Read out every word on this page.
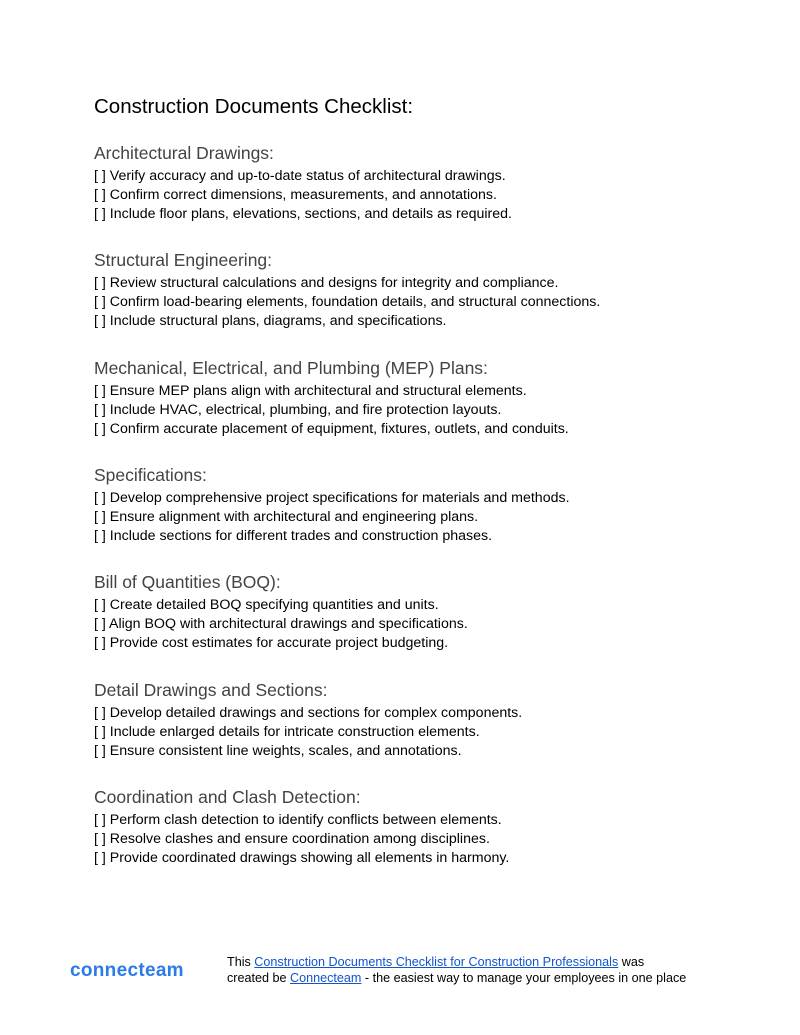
Construction Documents Checklist:
Architectural Drawings:
[ ] Verify accuracy and up-to-date status of architectural drawings.
[ ] Confirm correct dimensions, measurements, and annotations.
[ ] Include floor plans, elevations, sections, and details as required.
Structural Engineering:
[ ] Review structural calculations and designs for integrity and compliance.
[ ] Confirm load-bearing elements, foundation details, and structural connections.
[ ] Include structural plans, diagrams, and specifications.
Mechanical, Electrical, and Plumbing (MEP) Plans:
[ ] Ensure MEP plans align with architectural and structural elements.
[ ] Include HVAC, electrical, plumbing, and fire protection layouts.
[ ] Confirm accurate placement of equipment, fixtures, outlets, and conduits.
Specifications:
[ ] Develop comprehensive project specifications for materials and methods.
[ ] Ensure alignment with architectural and engineering plans.
[ ] Include sections for different trades and construction phases.
Bill of Quantities (BOQ):
[ ] Create detailed BOQ specifying quantities and units.
[ ] Align BOQ with architectural drawings and specifications.
[ ] Provide cost estimates for accurate project budgeting.
Detail Drawings and Sections:
[ ] Develop detailed drawings and sections for complex components.
[ ] Include enlarged details for intricate construction elements.
[ ] Ensure consistent line weights, scales, and annotations.
Coordination and Clash Detection:
[ ] Perform clash detection to identify conflicts between elements.
[ ] Resolve clashes and ensure coordination among disciplines.
[ ] Provide coordinated drawings showing all elements in harmony.
connecteam	This Construction Documents Checklist for Construction Professionals was created be Connecteam - the easiest way to manage your employees in one place
